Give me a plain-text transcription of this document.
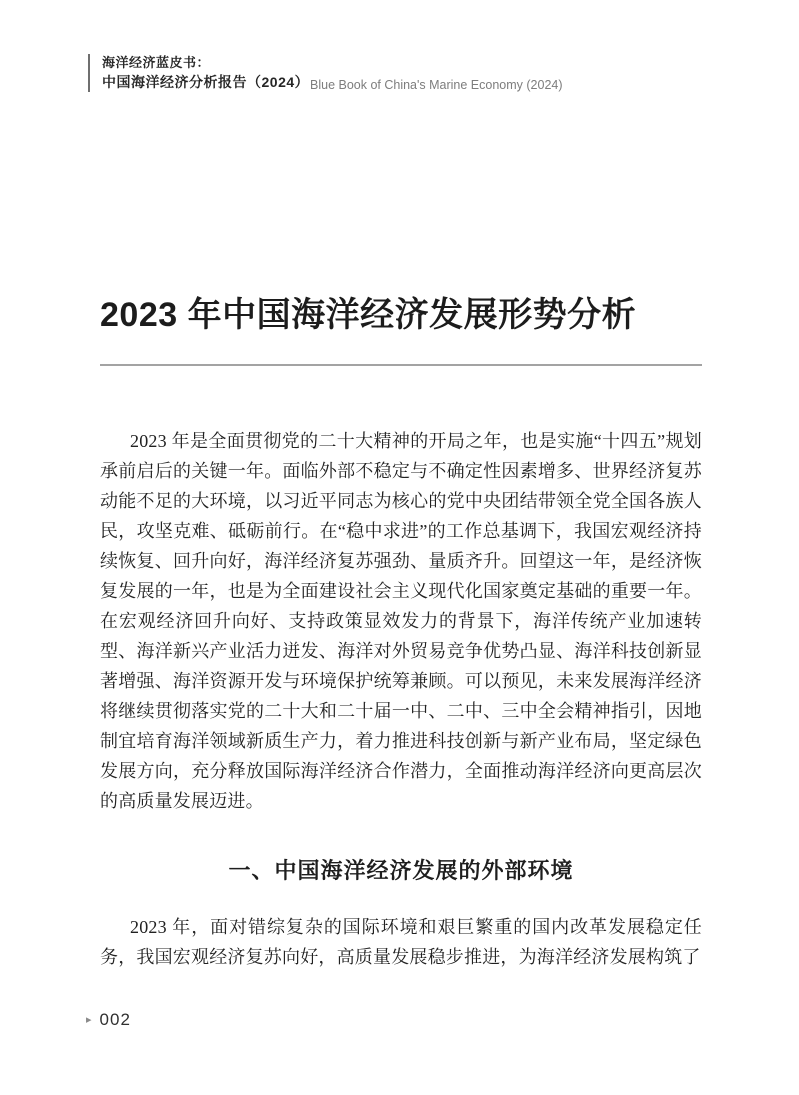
海洋经济蓝皮书：
中国海洋经济分析报告（2024） Blue Book of China's Marine Economy (2024)
2023 年中国海洋经济发展形势分析

2023 年是全面贯彻党的二十大精神的开局之年，也是实施“十四五”规划承前启后的关键一年。面临外部不稳定与不确定性因素增多、世界经济复苏动能不足的大环境，以习近平同志为核心的党中央团结带领全党全国各族人民，攻坚克难、砥砺前行。在“稳中求进”的工作总基调下，我国宏观经济持续恢复、回升向好，海洋经济复苏强劲、量质齐升。回望这一年，是经济恢复发展的一年，也是为全面建设社会主义现代化国家奠定基础的重要一年。在宏观经济回升向好、支持政策显效发力的背景下，海洋传统产业加速转型、海洋新兴产业活力迸发、海洋对外贸易竞争优势凸显、海洋科技创新显著增强、海洋资源开发与环境保护统筹兼顾。可以预见，未来发展海洋经济将继续贯彻落实党的二十大和二十届一中、二中、三中全会精神指引，因地制宜培育海洋领域新质生产力，着力推进科技创新与新产业布局，坚定绿色发展方向，充分释放国际海洋经济合作潜力，全面推动海洋经济向更高层次的高质量发展迈进。

一、中国海洋经济发展的外部环境

2023 年，面对错综复杂的国际环境和艰巨繁重的国内改革发展稳定任务，我国宏观经济复苏向好，高质量发展稳步推进，为海洋经济发展构筑了

▸ 002
